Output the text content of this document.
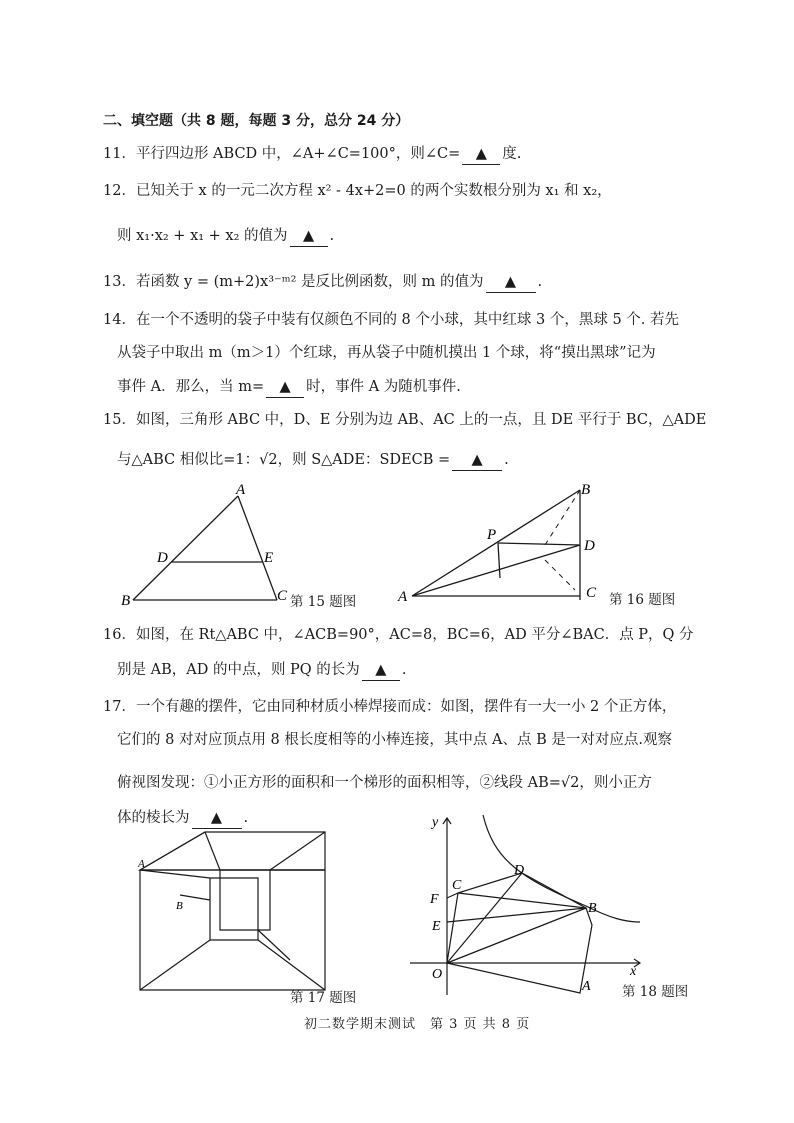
二、填空题（共 8 题，每题 3 分，总分 24 分）
11．平行四边形 ABCD 中，∠A+∠C=100°，则∠C= ▲ 度.
12．已知关于 x 的一元二次方程 x² - 4x+2=0 的两个实数根分别为 x₁ 和 x₂，
则 x₁·x₂ + x₁ + x₂ 的值为 ▲ .
13．若函数 y = (m+2)x³⁻ᵐ² 是反比例函数，则 m 的值为 ▲ .
14．在一个不透明的袋子中装有仅颜色不同的 8 个小球，其中红球 3 个，黑球 5 个. 若先
从袋子中取出 m（m＞1）个红球，再从袋子中随机摸出 1 个球，将“摸出黑球”记为
事件 A．那么，当 m= ▲ 时，事件 A 为随机事件.
15．如图，三角形 ABC 中，D、E 分别为边 AB、AC 上的一点，且 DE 平行于 BC，△ADE
与△ABC 相似比=1：√2，则 S△ADE：SDECB = ▲ .
A
B	C
D	E
第 15 题图	A
B
C
D
P
第 16 题图
16．如图，在 Rt△ABC 中，∠ACB=90°，AC=8，BC=6，AD 平分∠BAC．点 P，Q 分
别是 AB，AD 的中点，则 PQ 的长为 ▲ .
17．一个有趣的摆件，它由同种材质小棒焊接而成：如图，摆件有一大一小 2 个正方体，
它们的 8 对对应顶点用 8 根长度相等的小棒连接，其中点 A、点 B 是一对对应点.观察
俯视图发现：①小正方形的面积和一个梯形的面积相等，②线段 AB=√2，则小正方
体的棱长为 ▲ .
A
B
第 17 题图
y
x
O
E
F
C
D
B
A 第 18 题图
初二数学期末测试　第 3 页 共 8 页
